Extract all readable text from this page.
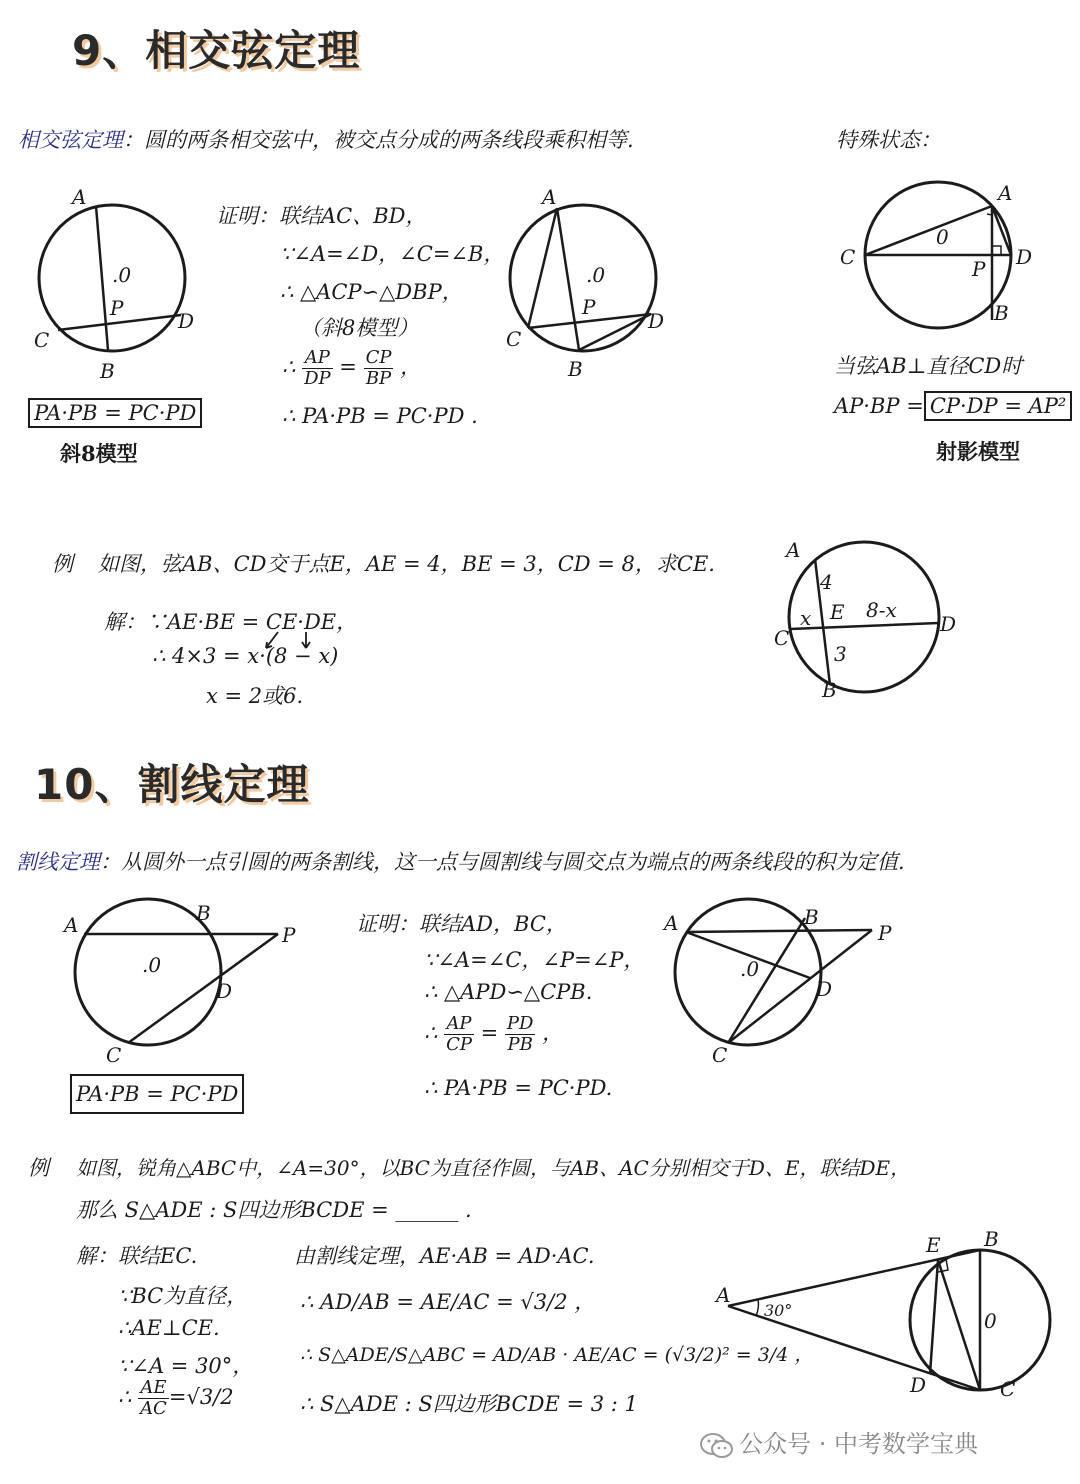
9、相交弦定理
相交弦定理：圆的两条相交弦中，被交点分成的两条线段乘积相等.	特殊状态：
A
B
C
D
P
.0
PA·PB = PC·PD
斜8模型
证明：联结AC、BD，
∵∠A=∠D，∠C=∠B，
∴ △ACP∽△DBP，
（斜8模型）
∴ $\frac{AP}{DP} = \frac{CP}{BP}$ ，
∴ PA·PB = PC·PD .
A
B
C
D
P
.0
A
B
C	D
P
0
当弦AB⊥直径CD时
AP·BP = CP·DP = AP²
射影模型
例 如图，弦AB、CD交于点E，AE = 4，BE = 3，CD = 8，求CE.
解：∵AE·BE = CE·DE，
∴ 4×3 = x·(8 − x)
x = 2或6.
A
B
C
D
E
4
3
x	8-x
10、割线定理
割线定理：从圆外一点引圆的两条割线，这一点与圆割线与圆交点为端点的两条线段的积为定值.
A	B
C
D
P
.0
PA·PB = PC·PD
证明：联结AD，BC，
∵∠A=∠C，∠P=∠P，
∴ △APD∽△CPB.
∴ $\frac{AP}{CP} = \frac{PD}{PB}$ ，
∴ PA·PB = PC·PD.
A	B
C
D
P
.0
例 如图，锐角△ABC中，∠A=30°，以BC为直径作圆，与AB、AC分别相交于D、E，联结DE，
那么 S△ADE : S四边形BCDE = ______ .
解：联结EC.
∵BC为直径，
∴AE⊥CE.
∵∠A = 30°，
∴ $\frac{AE}{AC} =√3/2$
由割线定理，AE·AB = AD·AC.
∴ AD/AB = AE/AC = √3/2 ，
∴ S△ADE/S△ABC = AD/AB · AE/AC = (√3/2)² = 3/4 ，
∴ S△ADE : S四边形BCDE = 3 : 1
A
B
C
D
E
0
30°
公众号 · 中考数学宝典
